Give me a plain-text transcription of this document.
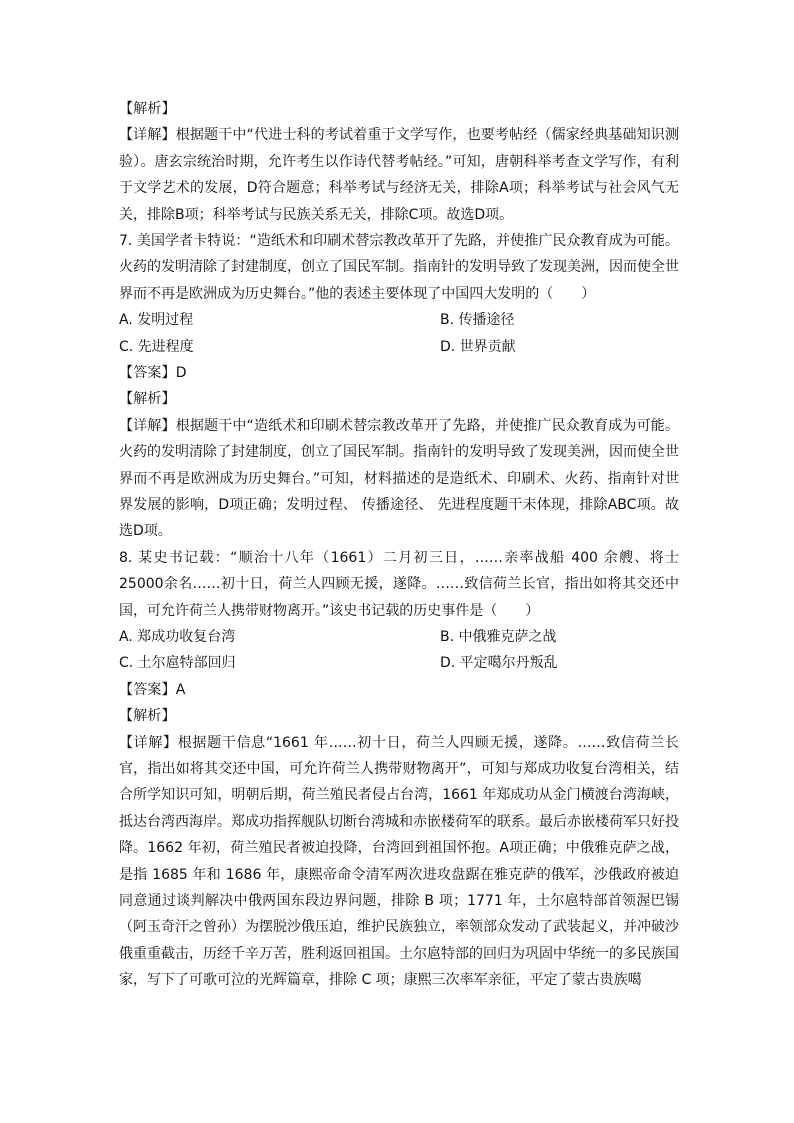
【解析】
【详解】根据题干中“代进士科的考试着重于文学写作，也要考帖经（儒家经典基础知识测验）。唐玄宗统治时期，允许考生以作诗代替考帖经。”可知，唐朝科举考查文学写作，有利于文学艺术的发展，D符合题意；科举考试与经济无关，排除A项；科举考试与社会风气无关，排除B项；科举考试与民族关系无关，排除C项。故选D项。
7. 美国学者卡特说：“造纸术和印刷术替宗教改革开了先路，并使推广民众教育成为可能。火药的发明清除了封建制度，创立了国民军制。指南针的发明导致了发现美洲，因而使全世界而不再是欧洲成为历史舞台。”他的表述主要体现了中国四大发明的（　　）
A. 发明过程	B. 传播途径
C. 先进程度	D. 世界贡献
【答案】D
【解析】
【详解】根据题干中“造纸术和印刷术替宗教改革开了先路，并使推广民众教育成为可能。火药的发明清除了封建制度，创立了国民军制。指南针的发明导致了发现美洲，因而使全世界而不再是欧洲成为历史舞台。”可知，材料描述的是造纸术、印刷术、火药、指南针对世界发展的影响，D项正确；发明过程、 传播途径、 先进程度题干未体现，排除ABC项。故选D项。
8. 某史书记载：“顺治十八年（1661）二月初三日，……亲率战船 400 余艘、将士 25000余名……初十日，荷兰人四顾无援，遂降。……致信荷兰长官，指出如将其交还中国，可允许荷兰人携带财物离开。”该史书记载的历史事件是（　　）
A. 郑成功收复台湾	B. 中俄雅克萨之战
C. 土尔扈特部回归	D. 平定噶尔丹叛乱
【答案】A
【解析】
【详解】根据题干信息“1661 年……初十日，荷兰人四顾无援，遂降。……致信荷兰长官，指出如将其交还中国，可允许荷兰人携带财物离开”，可知与郑成功收复台湾相关，结合所学知识可知，明朝后期，荷兰殖民者侵占台湾，1661 年郑成功从金门横渡台湾海峡，抵达台湾西海岸。郑成功指挥舰队切断台湾城和赤嵌楼荷军的联系。最后赤嵌楼荷军只好投降。1662 年初，荷兰殖民者被迫投降，台湾回到祖国怀抱。A项正确；中俄雅克萨之战，是指 1685 年和 1686 年，康熙帝命令清军两次进攻盘踞在雅克萨的俄军，沙俄政府被迫同意通过谈判解决中俄两国东段边界问题，排除 B 项；1771 年，土尔扈特部首领渥巴锡（阿玉奇汗之曾孙）为摆脱沙俄压迫，维护民族独立，率领部众发动了武装起义，并冲破沙俄重重截击，历经千辛万苦，胜利返回祖国。土尔扈特部的回归为巩固中华统一的多民族国家，写下了可歌可泣的光辉篇章，排除 C 项；康熙三次率军亲征，平定了蒙古贵族噶
